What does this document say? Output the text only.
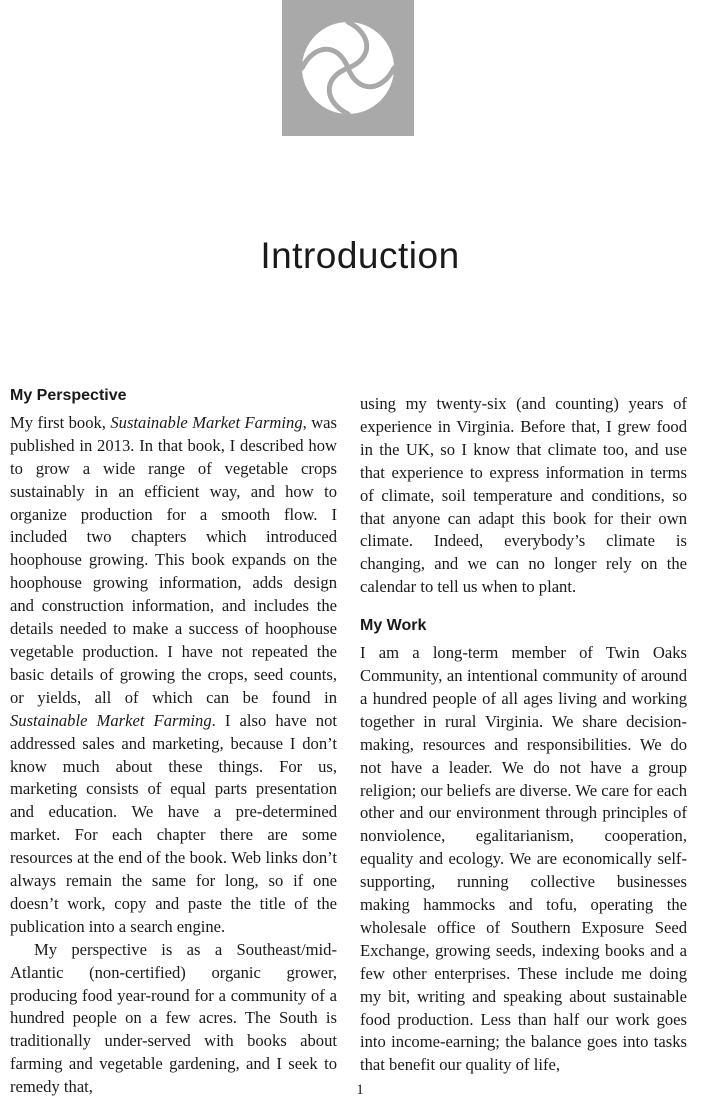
Introduction
My Perspective

My first book, Sustainable Market Farming, was published in 2013. In that book, I described how to grow a wide range of vegetable crops sustainably in an efficient way, and how to organize production for a smooth flow. I included two chapters which introduced hoophouse growing. This book expands on the hoophouse growing information, adds design and construction information, and includes the details needed to make a success of hoophouse vegetable production. I have not repeated the basic details of growing the crops, seed counts, or yields, all of which can be found in Sustainable Market Farming. I also have not addressed sales and marketing, because I don’t know much about these things. For us, marketing consists of equal parts presentation and education. We have a pre-determined market. For each chapter there are some resources at the end of the book. Web links don’t always remain the same for long, so if one doesn’t work, copy and paste the title of the publication into a search engine.

My perspective is as a Southeast/mid-Atlantic (non-certified) organic grower, producing food year-round for a community of a hundred people on a few acres. The South is traditionally under-served with books about farming and vegetable gardening, and I seek to remedy that,

using my twenty-six (and counting) years of experience in Virginia. Before that, I grew food in the UK, so I know that climate too, and use that experience to express information in terms of climate, soil temperature and conditions, so that anyone can adapt this book for their own climate. Indeed, everybody’s climate is changing, and we can no longer rely on the calendar to tell us when to plant.

My Work

I am a long-term member of Twin Oaks Community, an intentional community of around a hundred people of all ages living and working together in rural Virginia. We share decision-making, resources and responsibilities. We do not have a leader. We do not have a group religion; our beliefs are diverse. We care for each other and our environment through principles of nonviolence, egalitarianism, cooperation, equality and ecology. We are economically self-supporting, running collective businesses making hammocks and tofu, operating the wholesale office of Southern Exposure Seed Exchange, growing seeds, indexing books and a few other enterprises. These include me doing my bit, writing and speaking about sustainable food production. Less than half our work goes into income-earning; the balance goes into tasks that benefit our quality of life,

1
